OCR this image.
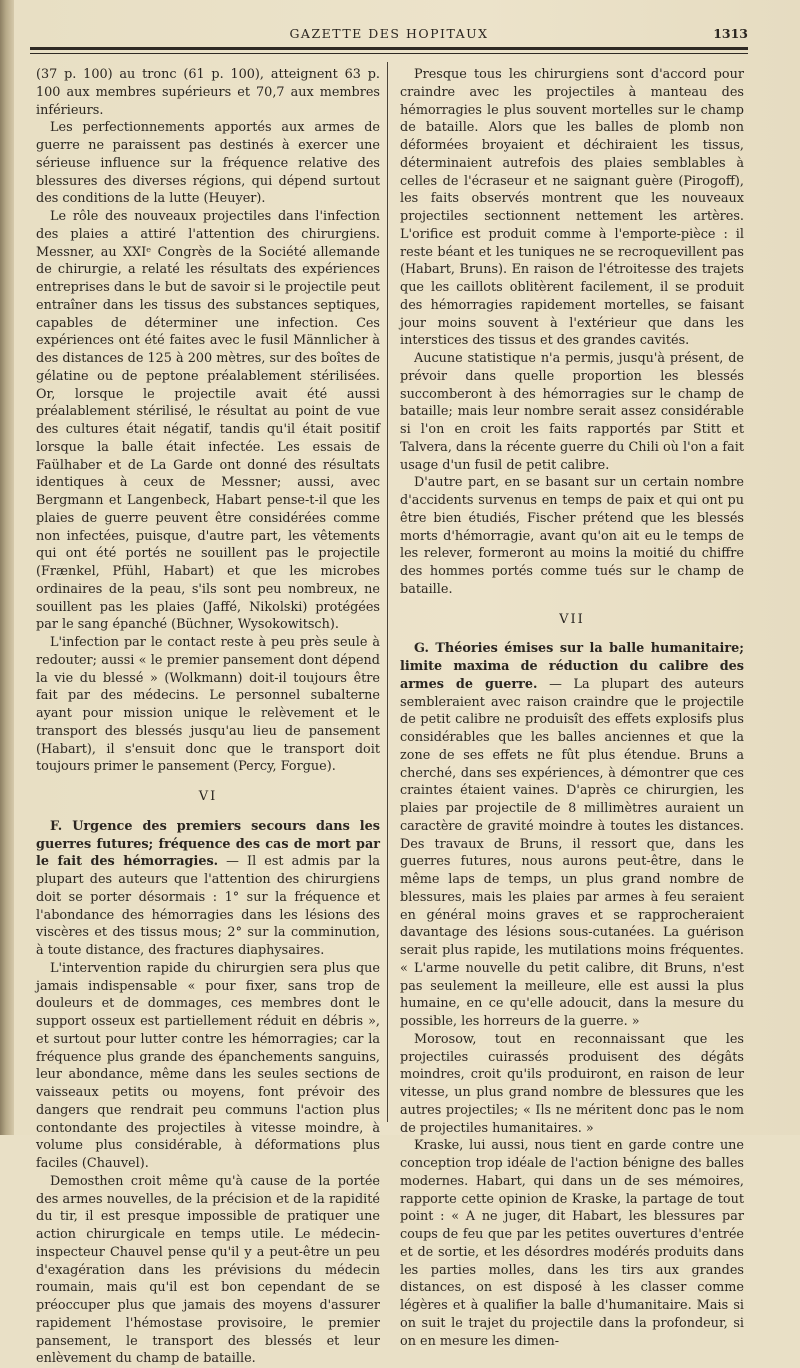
GAZETTE DES HOPITAUX	1313

(37 p. 100) au tronc (61 p. 100), atteignent 63 p. 100 aux membres supérieurs et 70,7 aux membres inférieurs.

Les perfectionnements apportés aux armes de guerre ne paraissent pas destinés à exercer une sérieuse influence sur la fréquence relative des blessures des diverses régions, qui dépend surtout des conditions de la lutte (Heuyer).

Le rôle des nouveaux projectiles dans l'infection des plaies a attiré l'attention des chirurgiens. Messner, au XXIᵉ Congrès de la Société allemande de chirurgie, a relaté les résultats des expériences entreprises dans le but de savoir si le projectile peut entraîner dans les tissus des substances septiques, capables de déterminer une infection. Ces expériences ont été faites avec le fusil Männlicher à des distances de 125 à 200 mètres, sur des boîtes de gélatine ou de peptone préalablement stérilisées. Or, lorsque le projectile avait été aussi préalablement stérilisé, le résultat au point de vue des cultures était négatif, tandis qu'il était positif lorsque la balle était infectée. Les essais de Faülhaber et de La Garde ont donné des résultats identiques à ceux de Messner; aussi, avec Bergmann et Langenbeck, Habart pense-t-il que les plaies de guerre peuvent être considérées comme non infectées, puisque, d'autre part, les vêtements qui ont été portés ne souillent pas le projectile (Frænkel, Pfühl, Habart) et que les microbes ordinaires de la peau, s'ils sont peu nombreux, ne souillent pas les plaies (Jaffé, Nikolski) protégées par le sang épanché (Büchner, Wysokowitsch).

L'infection par le contact reste à peu près seule à redouter; aussi « le premier pansement dont dépend la vie du blessé » (Wolkmann) doit-il toujours être fait par des médecins. Le personnel subalterne ayant pour mission unique le relèvement et le transport des blessés jusqu'au lieu de pansement (Habart), il s'ensuit donc que le transport doit toujours primer le pansement (Percy, Forgue).

VI

F. Urgence des premiers secours dans les guerres futures; fréquence des cas de mort par le fait des hémorragies. — Il est admis par la plupart des auteurs que l'attention des chirurgiens doit se porter désormais : 1° sur la fréquence et l'abondance des hémorragies dans les lésions des viscères et des tissus mous; 2° sur la comminution, à toute distance, des fractures diaphysaires.

L'intervention rapide du chirurgien sera plus que jamais indispensable « pour fixer, sans trop de douleurs et de dommages, ces membres dont le support osseux est partiellement réduit en débris », et surtout pour lutter contre les hémorragies; car la fréquence plus grande des épanchements sanguins, leur abondance, même dans les seules sections de vaisseaux petits ou moyens, font prévoir des dangers que rendrait peu communs l'action plus contondante des projectiles à vitesse moindre, à volume plus considérable, à déformations plus faciles (Chauvel).

Demosthen croit même qu'à cause de la portée des armes nouvelles, de la précision et de la rapidité du tir, il est presque impossible de pratiquer une action chirurgicale en temps utile. Le médecin-inspecteur Chauvel pense qu'il y a peut-être un peu d'exagération dans les prévisions du médecin roumain, mais qu'il est bon cependant de se préoccuper plus que jamais des moyens d'assurer rapidement l'hémostase provisoire, le premier pansement, le transport des blessés et leur enlèvement du champ de bataille.

Presque tous les chirurgiens sont d'accord pour craindre avec les projectiles à manteau des hémorragies le plus souvent mortelles sur le champ de bataille. Alors que les balles de plomb non déformées broyaient et déchiraient les tissus, déterminaient autrefois des plaies semblables à celles de l'écraseur et ne saignant guère (Pirogoff), les faits observés montrent que les nouveaux projectiles sectionnent nettement les artères. L'orifice est produit comme à l'emporte-pièce : il reste béant et les tuniques ne se recroquevillent pas (Habart, Bruns). En raison de l'étroitesse des trajets que les caillots oblitèrent facilement, il se produit des hémorragies rapidement mortelles, se faisant jour moins souvent à l'extérieur que dans les interstices des tissus et des grandes cavités.

Aucune statistique n'a permis, jusqu'à présent, de prévoir dans quelle proportion les blessés succomberont à des hémorragies sur le champ de bataille; mais leur nombre serait assez considérable si l'on en croit les faits rapportés par Stitt et Talvera, dans la récente guerre du Chili où l'on a fait usage d'un fusil de petit calibre.

D'autre part, en se basant sur un certain nombre d'accidents survenus en temps de paix et qui ont pu être bien étudiés, Fischer prétend que les blessés morts d'hémorragie, avant qu'on ait eu le temps de les relever, formeront au moins la moitié du chiffre des hommes portés comme tués sur le champ de bataille.

VII

G. Théories émises sur la balle humanitaire; limite maxima de réduction du calibre des armes de guerre. — La plupart des auteurs sembleraient avec raison craindre que le projectile de petit calibre ne produisît des effets explosifs plus considérables que les balles anciennes et que la zone de ses effets ne fût plus étendue. Bruns a cherché, dans ses expériences, à démontrer que ces craintes étaient vaines. D'après ce chirurgien, les plaies par projectile de 8 millimètres auraient un caractère de gravité moindre à toutes les distances. Des travaux de Bruns, il ressort que, dans les guerres futures, nous aurons peut-être, dans le même laps de temps, un plus grand nombre de blessures, mais les plaies par armes à feu seraient en général moins graves et se rapprocheraient davantage des lésions sous-cutanées. La guérison serait plus rapide, les mutilations moins fréquentes. « L'arme nouvelle du petit calibre, dit Bruns, n'est pas seulement la meilleure, elle est aussi la plus humaine, en ce qu'elle adoucit, dans la mesure du possible, les horreurs de la guerre. »

Morosow, tout en reconnaissant que les projectiles cuirassés produisent des dégâts moindres, croit qu'ils produiront, en raison de leur vitesse, un plus grand nombre de blessures que les autres projectiles; « Ils ne méritent donc pas le nom de projectiles humanitaires. »

Kraske, lui aussi, nous tient en garde contre une conception trop idéale de l'action bénigne des balles modernes. Habart, qui dans un de ses mémoires, rapporte cette opinion de Kraske, la partage de tout point : « A ne juger, dit Habart, les blessures par coups de feu que par les petites ouvertures d'entrée et de sortie, et les désordres modérés produits dans les parties molles, dans les tirs aux grandes distances, on est disposé à les classer comme légères et à qualifier la balle d'humanitaire. Mais si on suit le trajet du projectile dans la profondeur, si on en mesure les dimen-
